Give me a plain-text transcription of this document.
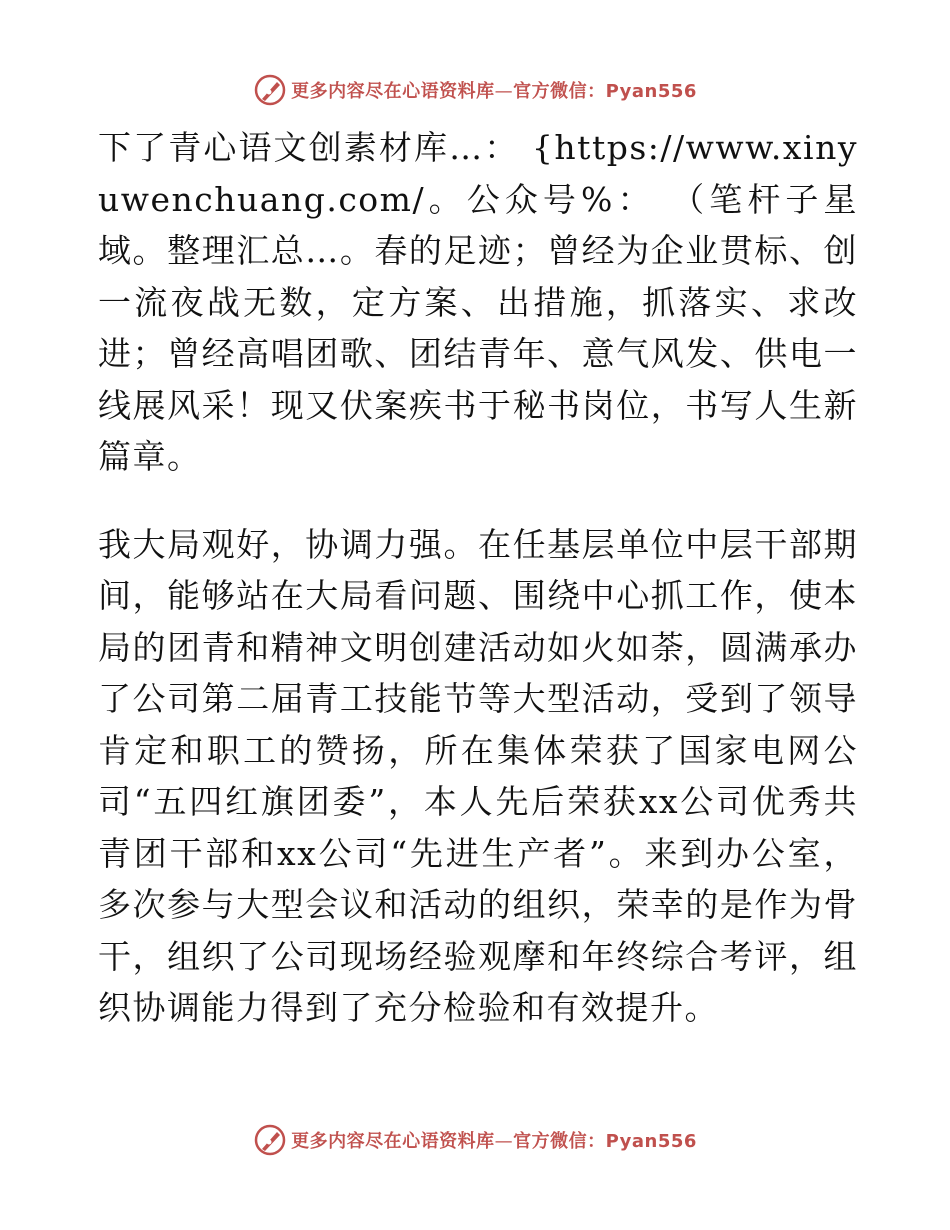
更多内容尽在心语资料库—官方微信：Pyan556

下了青心语文创素材库…： {https://www.xinyuwenchuang.com/。公众号%： （笔杆子星域。整理汇总…。春的足迹；曾经为企业贯标、创一流夜战无数，定方案、出措施，抓落实、求改进；曾经高唱团歌、团结青年、意气风发、供电一线展风采！现又伏案疾书于秘书岗位，书写人生新篇章。

我大局观好，协调力强。在任基层单位中层干部期间，能够站在大局看问题、围绕中心抓工作，使本局的团青和精神文明创建活动如火如荼，圆满承办了公司第二届青工技能节等大型活动，受到了领导肯定和职工的赞扬，所在集体荣获了国家电网公司“五四红旗团委”，本人先后荣获xx公司优秀共青团干部和xx公司“先进生产者”。来到办公室，多次参与大型会议和活动的组织，荣幸的是作为骨干，组织了公司现场经验观摩和年终综合考评，组织协调能力得到了充分检验和有效提升。

更多内容尽在心语资料库—官方微信：Pyan556
